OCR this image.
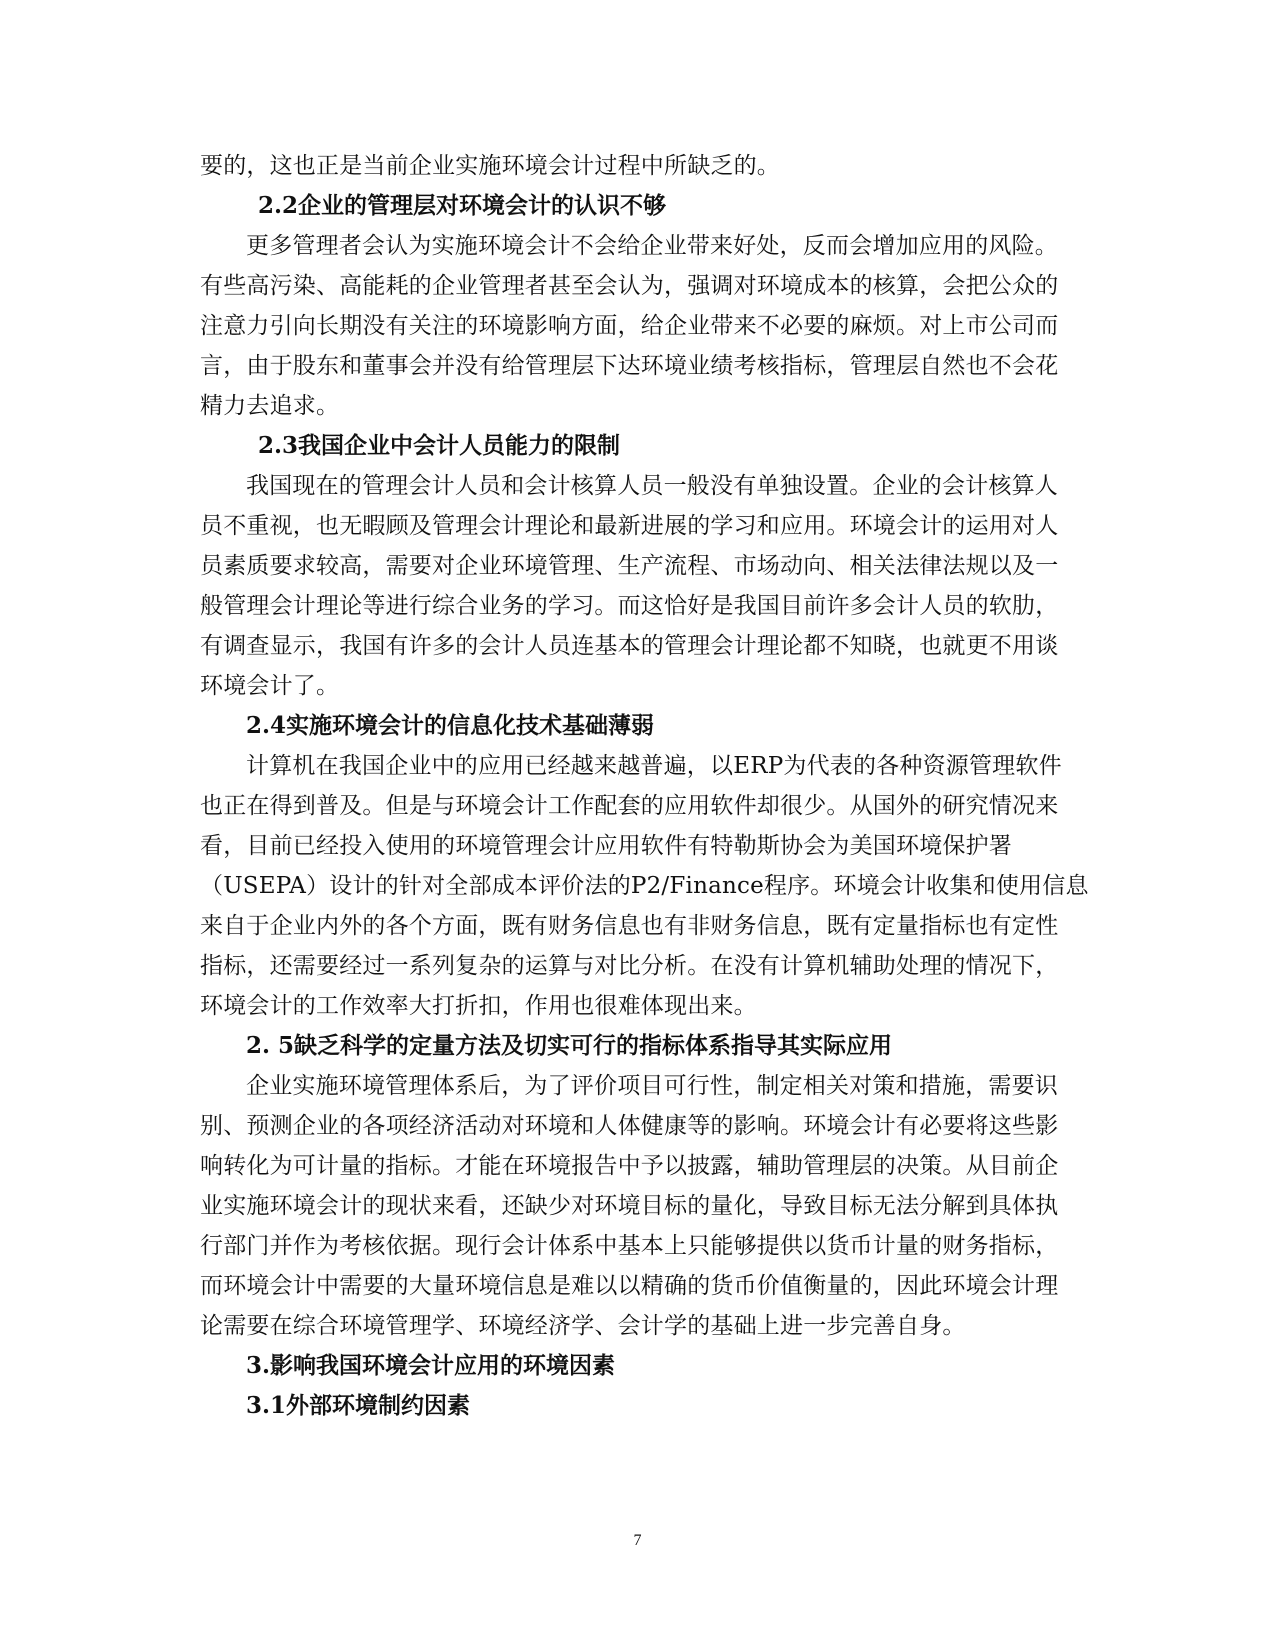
要的，这也正是当前企业实施环境会计过程中所缺乏的。
2.2企业的管理层对环境会计的认识不够
更多管理者会认为实施环境会计不会给企业带来好处，反而会增加应用的风险。
有些高污染、高能耗的企业管理者甚至会认为，强调对环境成本的核算，会把公众的
注意力引向长期没有关注的环境影响方面，给企业带来不必要的麻烦。对上市公司而
言，由于股东和董事会并没有给管理层下达环境业绩考核指标，管理层自然也不会花
精力去追求。
2.3我国企业中会计人员能力的限制
我国现在的管理会计人员和会计核算人员一般没有单独设置。企业的会计核算人
员不重视，也无暇顾及管理会计理论和最新进展的学习和应用。环境会计的运用对人
员素质要求较高，需要对企业环境管理、生产流程、市场动向、相关法律法规以及一
般管理会计理论等进行综合业务的学习。而这恰好是我国目前许多会计人员的软肋，
有调查显示，我国有许多的会计人员连基本的管理会计理论都不知晓，也就更不用谈
环境会计了。
2.4实施环境会计的信息化技术基础薄弱
计算机在我国企业中的应用已经越来越普遍，以ERP为代表的各种资源管理软件
也正在得到普及。但是与环境会计工作配套的应用软件却很少。从国外的研究情况来
看，目前已经投入使用的环境管理会计应用软件有特勒斯协会为美国环境保护署
（USEPA）设计的针对全部成本评价法的P2/Finance程序。环境会计收集和使用信息
来自于企业内外的各个方面，既有财务信息也有非财务信息，既有定量指标也有定性
指标，还需要经过一系列复杂的运算与对比分析。在没有计算机辅助处理的情况下，
环境会计的工作效率大打折扣，作用也很难体现出来。
2. 5缺乏科学的定量方法及切实可行的指标体系指导其实际应用
企业实施环境管理体系后，为了评价项目可行性，制定相关对策和措施，需要识
别、预测企业的各项经济活动对环境和人体健康等的影响。环境会计有必要将这些影
响转化为可计量的指标。才能在环境报告中予以披露，辅助管理层的决策。从目前企
业实施环境会计的现状来看，还缺少对环境目标的量化，导致目标无法分解到具体执
行部门并作为考核依据。现行会计体系中基本上只能够提供以货币计量的财务指标，
而环境会计中需要的大量环境信息是难以以精确的货币价值衡量的，因此环境会计理
论需要在综合环境管理学、环境经济学、会计学的基础上进一步完善自身。
3.影响我国环境会计应用的环境因素
3.1外部环境制约因素
7
